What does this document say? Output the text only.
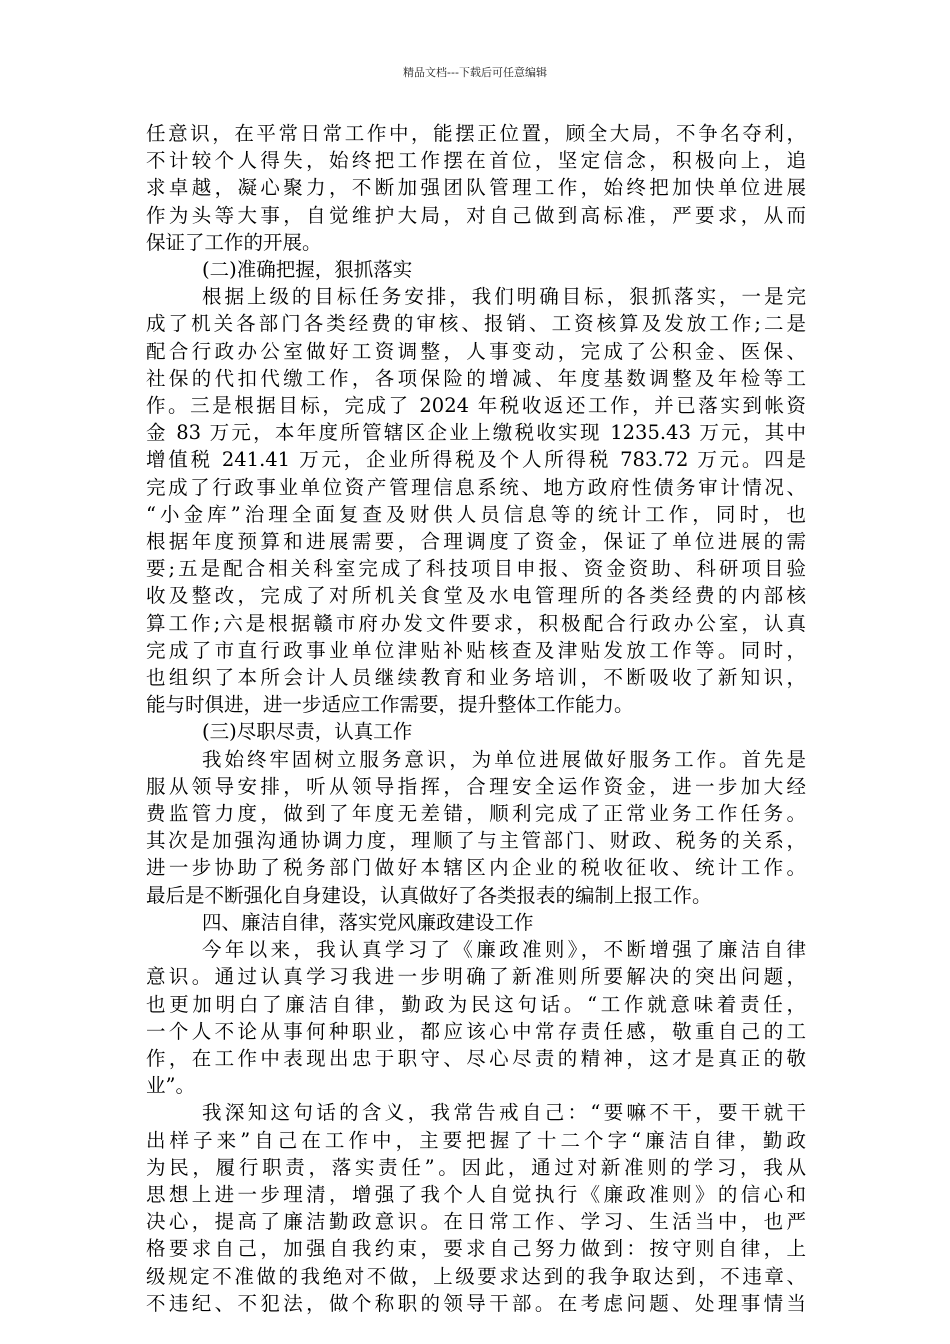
精品文档---下载后可任意编辑
任意识，在平常日常工作中，能摆正位置，顾全大局，不争名夺利，
不计较个人得失，始终把工作摆在首位，坚定信念，积极向上，追
求卓越，凝心聚力，不断加强团队管理工作，始终把加快单位进展
作为头等大事，自觉维护大局，对自己做到高标准，严要求，从而
保证了工作的开展。
(二)准确把握，狠抓落实
根据上级的目标任务安排，我们明确目标，狠抓落实，一是完
成了机关各部门各类经费的审核、报销、工资核算及发放工作;二是
配合行政办公室做好工资调整，人事变动，完成了公积金、医保、
社保的代扣代缴工作，各项保险的增减、年度基数调整及年检等工
作。三是根据目标，完成了 2024 年税收返还工作，并已落实到帐资
金 83 万元，本年度所管辖区企业上缴税收实现 1235.43 万元，其中
增值税 241.41 万元，企业所得税及个人所得税 783.72 万元。四是
完成了行政事业单位资产管理信息系统、地方政府性债务审计情况、
“小金库”治理全面复查及财供人员信息等的统计工作，同时，也
根据年度预算和进展需要，合理调度了资金，保证了单位进展的需
要;五是配合相关科室完成了科技项目申报、资金资助、科研项目验
收及整改，完成了对所机关食堂及水电管理所的各类经费的内部核
算工作;六是根据赣市府办发文件要求，积极配合行政办公室，认真
完成了市直行政事业单位津贴补贴核查及津贴发放工作等。同时，
也组织了本所会计人员继续教育和业务培训，不断吸收了新知识，
能与时俱进，进一步适应工作需要，提升整体工作能力。
(三)尽职尽责，认真工作
我始终牢固树立服务意识，为单位进展做好服务工作。首先是
服从领导安排，听从领导指挥，合理安全运作资金，进一步加大经
费监管力度，做到了年度无差错，顺利完成了正常业务工作任务。
其次是加强沟通协调力度，理顺了与主管部门、财政、税务的关系，
进一步协助了税务部门做好本辖区内企业的税收征收、统计工作。
最后是不断强化自身建设，认真做好了各类报表的编制上报工作。
四、廉洁自律，落实党风廉政建设工作
今年以来，我认真学习了《廉政准则》，不断增强了廉洁自律
意识。通过认真学习我进一步明确了新准则所要解决的突出问题，
也更加明白了廉洁自律，勤政为民这句话。“工作就意味着责任，
一个人不论从事何种职业，都应该心中常存责任感，敬重自己的工
作，在工作中表现出忠于职守、尽心尽责的精神，这才是真正的敬
业”。
我深知这句话的含义，我常告戒自己：“要嘛不干，要干就干
出样子来”自己在工作中，主要把握了十二个字“廉洁自律，勤政
为民，履行职责，落实责任”。因此，通过对新准则的学习，我从
思想上进一步理清，增强了我个人自觉执行《廉政准则》的信心和
决心，提高了廉洁勤政意识。在日常工作、学习、生活当中，也严
格要求自己，加强自我约束，要求自己努力做到：按守则自律，上
级规定不准做的我绝对不做，上级要求达到的我争取达到，不违章、
不违纪、不犯法，做个称职的领导干部。在考虑问题、处理事情当
